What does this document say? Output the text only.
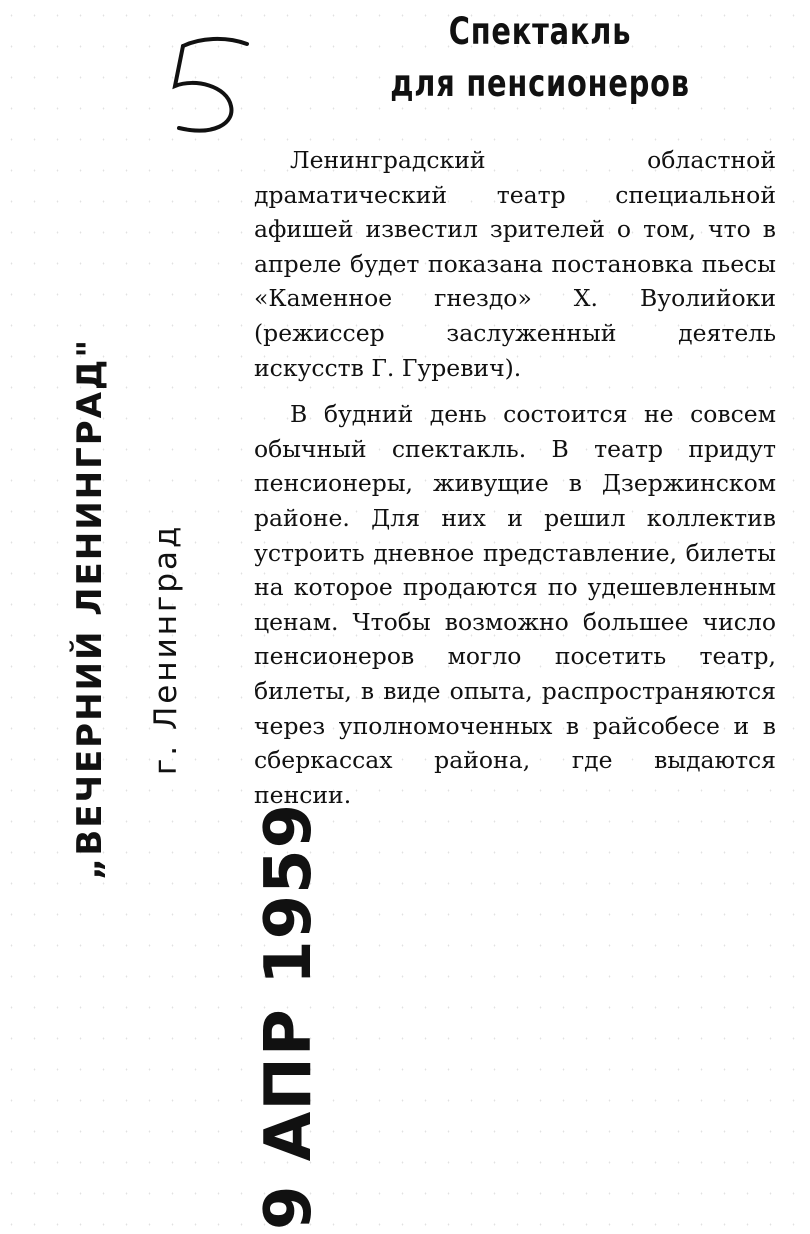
Спектакль
для пенсионеров

Ленинградский областной драматический театр специальной афишей известил зрителей о том, что в апреле будет показана постановка пьесы «Каменное гнездо» Х. Вуолийоки (режиссер заслуженный деятель искусств Г. Гуревич).

В будний день состоится не совсем обычный спектакль. В театр придут пенсионеры, живущие в Дзержинском районе. Для них и решил коллектив устроить дневное представление, билеты на которое продаются по удешевленным ценам. Чтобы возможно большее число пенсионеров могло посетить театр, билеты, в виде опыта, распространяются через уполномоченных в райсобесе и в сберкассах района, где выдаются пенсии.

„ВЕЧЕРНИЙ ЛЕНИНГРАД" г. Ленинград
9 АПР 1959
